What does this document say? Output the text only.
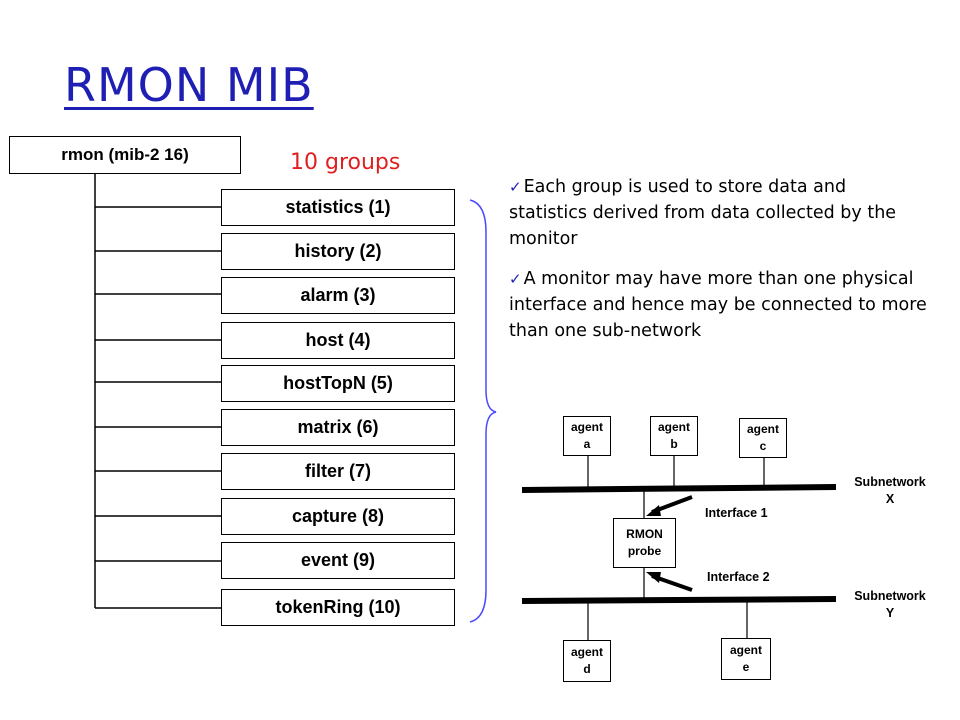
RMON MIB
10 groups
rmon (mib-2 16)
statistics (1)
history (2)
alarm (3)
host (4)
hostTopN (5)
matrix (6)
filter (7)
capture (8)
event (9)
tokenRing (10)
✓ Each group is used to store data and statistics derived from data collected by the monitor
✓ A monitor may have more than one physical interface and hence may be connected to more than one sub-network
agent
a
agent
b
agent
c
agent
d
agent
e
RMON
probe
Interface 1
Interface 2
Subnetwork
X
Subnetwork
Y
